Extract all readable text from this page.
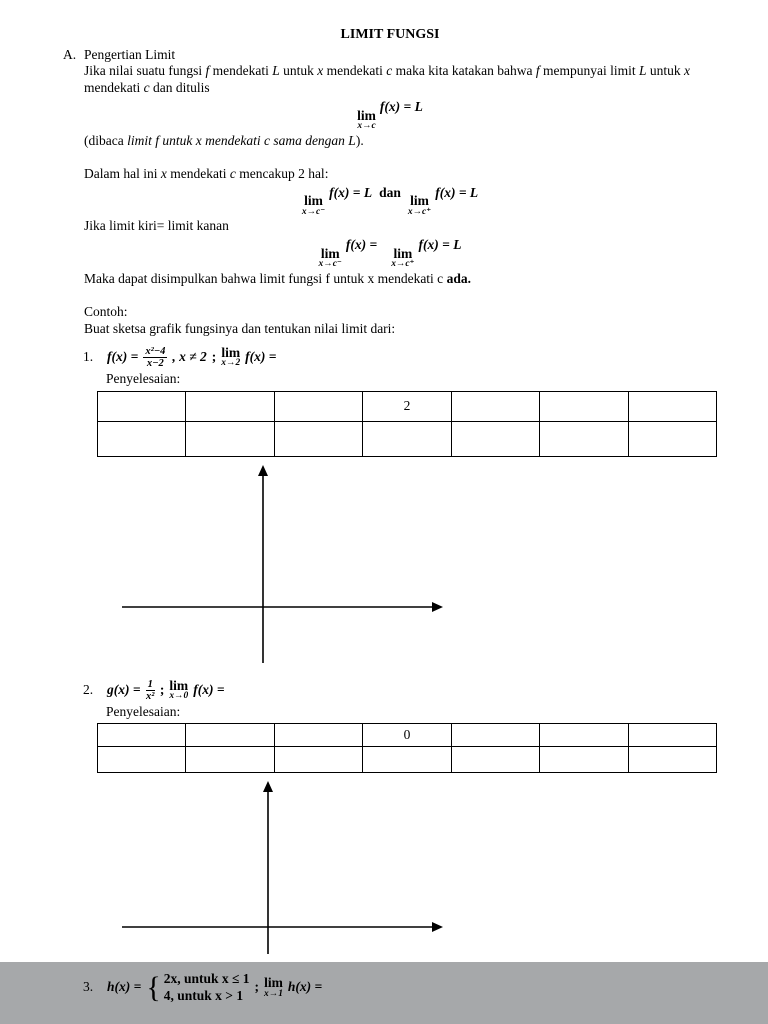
LIMIT FUNGSI
A. Pengertian Limit
Jika nilai suatu fungsi f mendekati L untuk x mendekati c maka kita katakan bahwa f mempunyai limit L untuk x mendekati c dan ditulis
lim
x→c
f(x) = L
(dibaca limit f untuk x mendekati c sama dengan L).
Dalam hal ini x mendekati c mencakup 2 hal:
lim
x→c⁻
f(x) = L dan
lim
x→c⁺
f(x) = L
Jika limit kiri= limit kanan
lim
x→c⁻
f(x) =
lim
x→c⁺
f(x) = L
Maka dapat disimpulkan bahwa limit fungsi f untuk x mendekati c ada.
Contoh:
Buat sketsa grafik fungsinya dan tentukan nilai limit dari:
1.	$f(x) = \frac{\text{x²−4}}{x-2}$ , x ≠ 2 ; lim
x→2 f(x) =
Penyelesaian:
			2			

2.	$g(x) = \frac{1}{\text{x²}}$ ; lim
x→0 f(x) =
Penyelesaian:
			0			

3.	h(x) = { 2x, untuk x ≤ 1
4, untuk x > 1
; lim
x→1 h(x) =
